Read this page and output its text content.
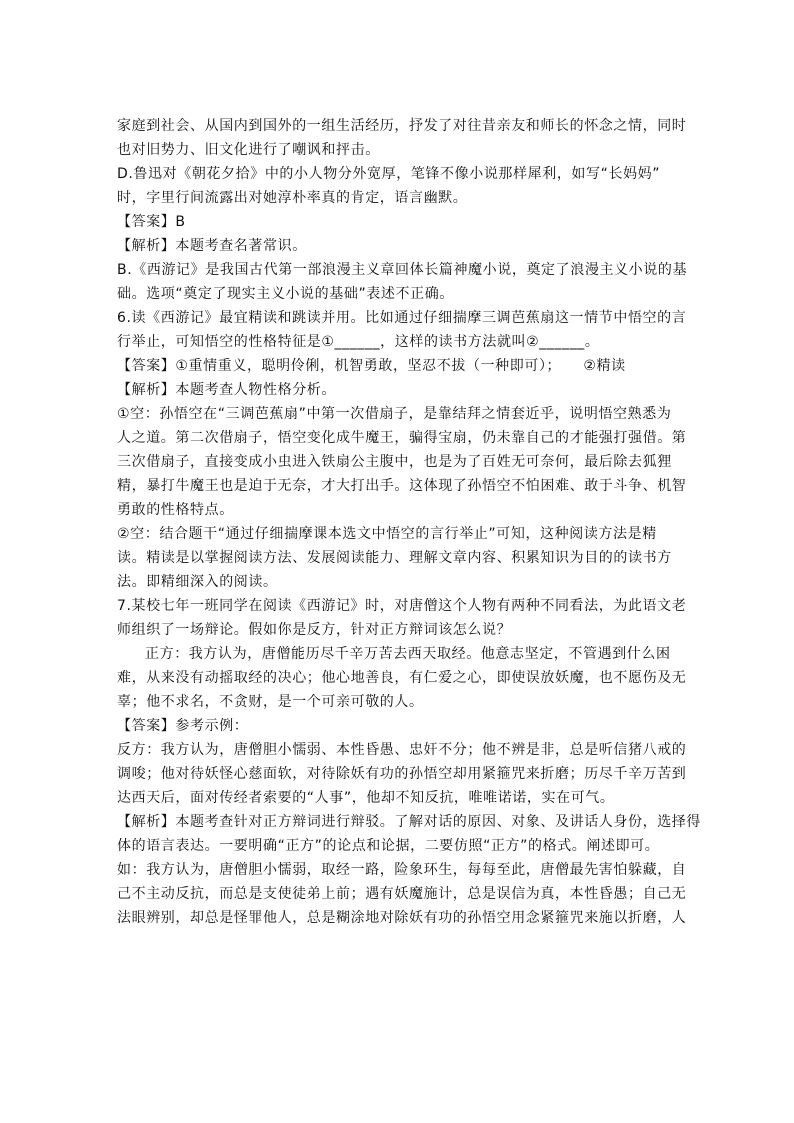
家庭到社会、从国内到国外的一组生活经历，抒发了对往昔亲友和师长的怀念之情，同时
也对旧势力、旧文化进行了嘲讽和抨击。
D.鲁迅对《朝花夕拾》中的小人物分外宽厚，笔锋不像小说那样犀利，如写“长妈妈”
时，字里行间流露出对她淳朴率真的肯定，语言幽默。
【答案】B
【解析】本题考查名著常识。
B.《西游记》是我国古代第一部浪漫主义章回体长篇神魔小说，奠定了浪漫主义小说的基
础。选项“奠定了现实主义小说的基础”表述不正确。
6.读《西游记》最宜精读和跳读并用。比如通过仔细揣摩三调芭蕉扇这一情节中悟空的言
行举止，可知悟空的性格特征是①______，这样的读书方法就叫②______。
【答案】①重情重义，聪明伶俐，机智勇敢，坚忍不拔（一种即可）；　　②精读
【解析】本题考查人物性格分析。
①空：孙悟空在“三调芭蕉扇”中第一次借扇子，是靠结拜之情套近乎，说明悟空熟悉为
人之道。第二次借扇子，悟空变化成牛魔王，骗得宝扇，仍未靠自己的才能强打强借。第
三次借扇子，直接变成小虫进入铁扇公主腹中，也是为了百姓无可奈何，最后除去狐狸
精，暴打牛魔王也是迫于无奈，才大打出手。这体现了孙悟空不怕困难、敢于斗争、机智
勇敢的性格特点。
②空：结合题干“通过仔细揣摩课本选文中悟空的言行举止”可知，这种阅读方法是精
读。精读是以掌握阅读方法、发展阅读能力、理解文章内容、积累知识为目的的读书方
法。即精细深入的阅读。
7.某校七年一班同学在阅读《西游记》时，对唐僧这个人物有两种不同看法，为此语文老
师组织了一场辩论。假如你是反方，针对正方辩词该怎么说？
正方：我方认为，唐僧能历尽千辛万苦去西天取经。他意志坚定，不管遇到什么困
难，从来没有动摇取经的决心；他心地善良，有仁爱之心，即使误放妖魔，也不愿伤及无
辜；他不求名，不贪财，是一个可亲可敬的人。
【答案】参考示例：
反方：我方认为，唐僧胆小懦弱、本性昏愚、忠奸不分；他不辨是非，总是听信猪八戒的
调唆；他对待妖怪心慈面软，对待除妖有功的孙悟空却用紧箍咒来折磨；历尽千辛万苦到
达西天后，面对传经者索要的“人事”，他却不知反抗，唯唯诺诺，实在可气。
【解析】本题考查针对正方辩词进行辩驳。了解对话的原因、对象、及讲话人身份，选择得
体的语言表达。一要明确“正方”的论点和论据，二要仿照“正方”的格式。阐述即可。
如：我方认为，唐僧胆小懦弱，取经一路，险象环生，每每至此，唐僧最先害怕躲藏，自
己不主动反抗，而总是支使徒弟上前；遇有妖魔施计，总是误信为真，本性昏愚；自己无
法眼辨别，却总是怪罪他人，总是糊涂地对除妖有功的孙悟空用念紧箍咒来施以折磨，人
